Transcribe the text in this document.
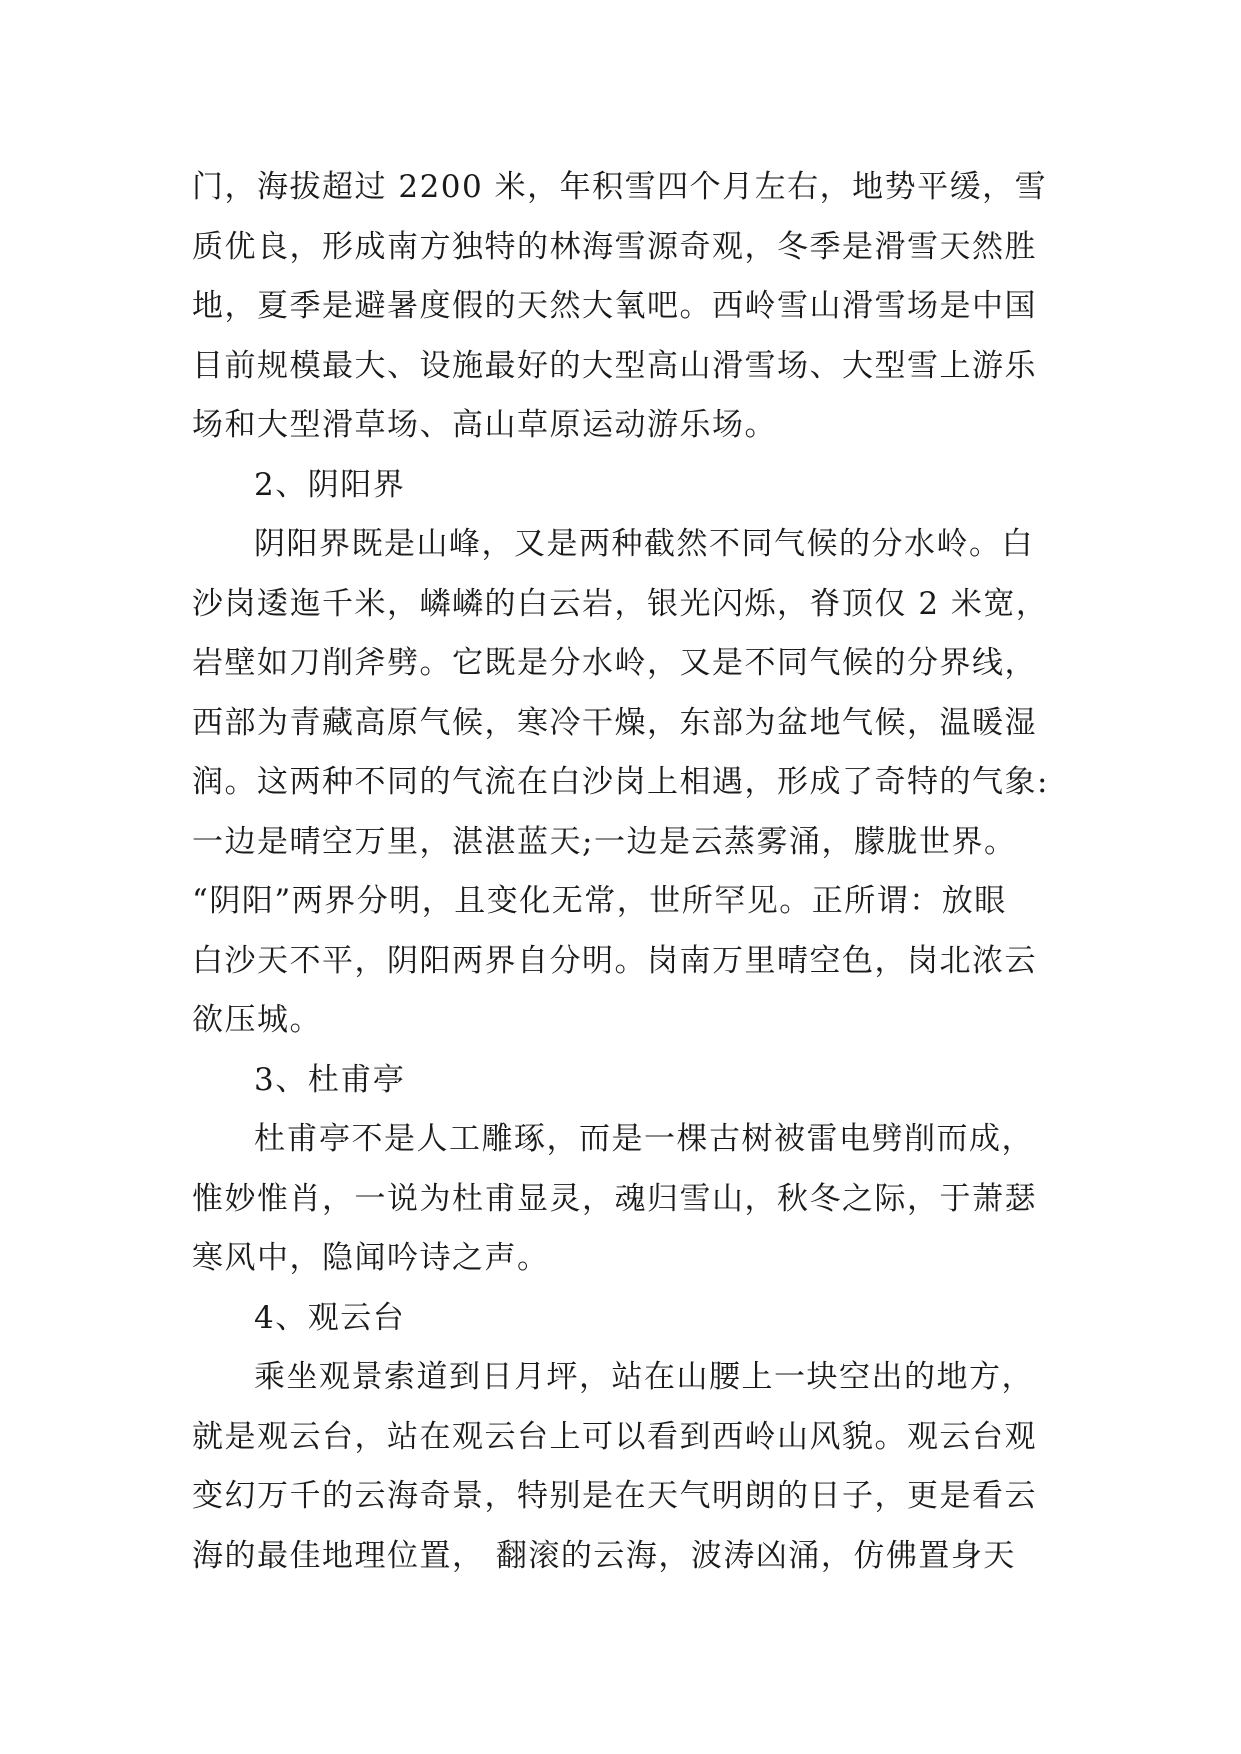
门，海拔超过 2200 米，年积雪四个月左右，地势平缓，雪
质优良，形成南方独特的林海雪源奇观，冬季是滑雪天然胜
地，夏季是避暑度假的天然大氧吧。西岭雪山滑雪场是中国
目前规模最大、设施最好的大型高山滑雪场、大型雪上游乐
场和大型滑草场、高山草原运动游乐场。
2、阴阳界
阴阳界既是山峰，又是两种截然不同气候的分水岭。白
沙岗逶迤千米，嶙嶙的白云岩，银光闪烁，脊顶仅 2 米宽，
岩壁如刀削斧劈。它既是分水岭，又是不同气候的分界线，
西部为青藏高原气候，寒冷干燥，东部为盆地气候，温暖湿
润。这两种不同的气流在白沙岗上相遇，形成了奇特的气象:
一边是晴空万里，湛湛蓝天;一边是云蒸雾涌，朦胧世界。
“阴阳”两界分明，且变化无常，世所罕见。正所谓：放眼
白沙天不平，阴阳两界自分明。岗南万里晴空色，岗北浓云
欲压城。
3、杜甫亭
杜甫亭不是人工雕琢，而是一棵古树被雷电劈削而成，
惟妙惟肖，一说为杜甫显灵，魂归雪山，秋冬之际，于萧瑟
寒风中，隐闻吟诗之声。
4、观云台
乘坐观景索道到日月坪，站在山腰上一块空出的地方，
就是观云台，站在观云台上可以看到西岭山风貌。观云台观
变幻万千的云海奇景，特别是在天气明朗的日子，更是看云
海的最佳地理位置， 翻滚的云海，波涛凶涌，仿佛置身天
